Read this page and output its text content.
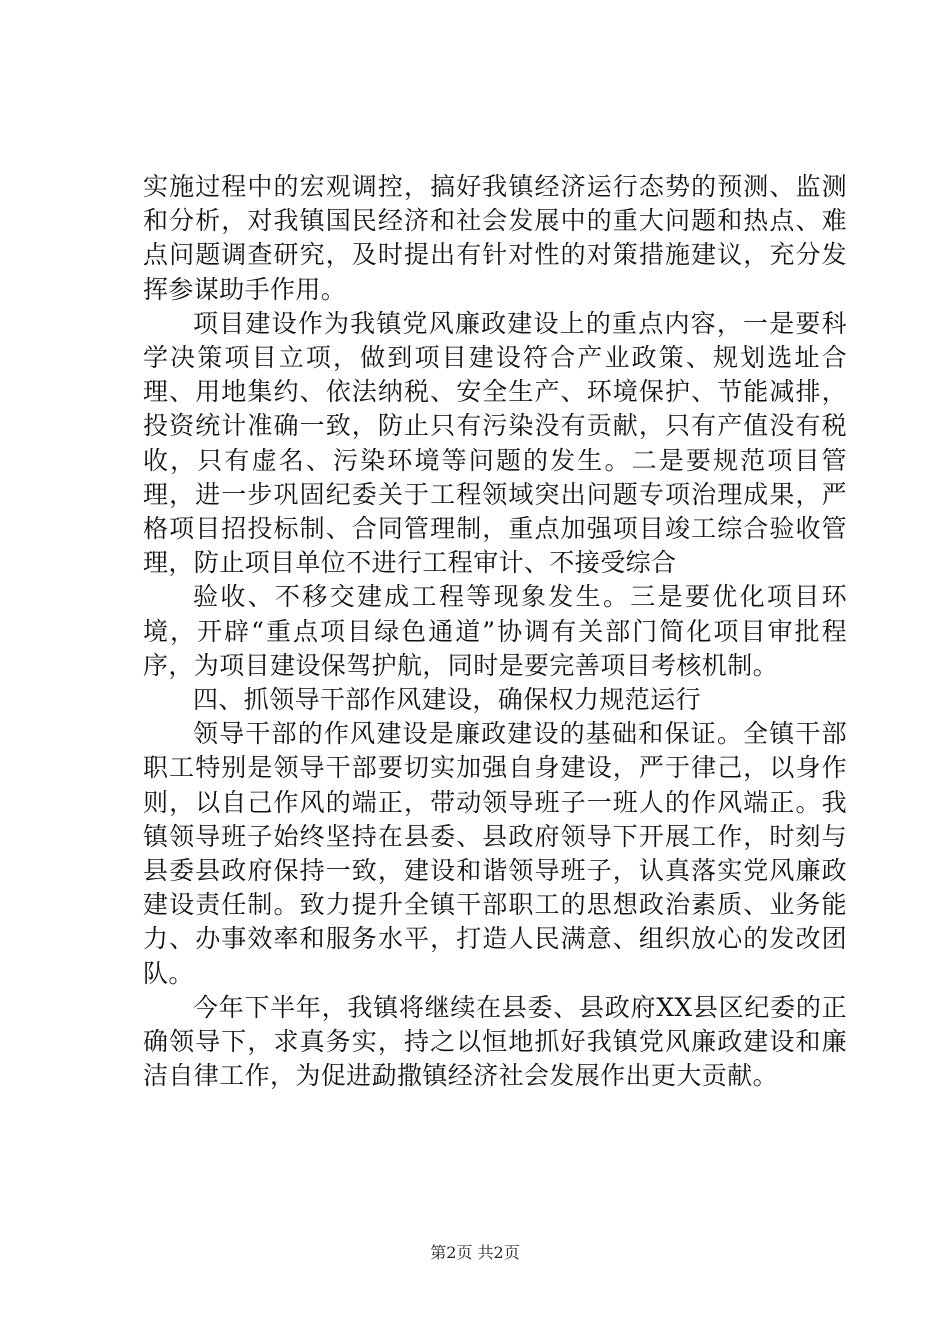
实施过程中的宏观调控，搞好我镇经济运行态势的预测、监测和分析，对我镇国民经济和社会发展中的重大问题和热点、难点问题调查研究，及时提出有针对性的对策措施建议，充分发挥参谋助手作用。

项目建设作为我镇党风廉政建设上的重点内容，一是要科学决策项目立项，做到项目建设符合产业政策、规划选址合理、用地集约、依法纳税、安全生产、环境保护、节能减排，投资统计准确一致，防止只有污染没有贡献，只有产值没有税收，只有虚名、污染环境等问题的发生。二是要规范项目管理，进一步巩固纪委关于工程领域突出问题专项治理成果，严格项目招投标制、合同管理制，重点加强项目竣工综合验收管理，防止项目单位不进行工程审计、不接受综合

验收、不移交建成工程等现象发生。三是要优化项目环境，开辟“重点项目绿色通道”协调有关部门简化项目审批程序，为项目建设保驾护航，同时是要完善项目考核机制。

四、抓领导干部作风建设，确保权力规范运行

领导干部的作风建设是廉政建设的基础和保证。全镇干部职工特别是领导干部要切实加强自身建设，严于律己，以身作则，以自己作风的端正，带动领导班子一班人的作风端正。我镇领导班子始终坚持在县委、县政府领导下开展工作，时刻与县委县政府保持一致，建设和谐领导班子，认真落实党风廉政建设责任制。致力提升全镇干部职工的思想政治素质、业务能力、办事效率和服务水平，打造人民满意、组织放心的发改团队。

今年下半年，我镇将继续在县委、县政府XX县区纪委的正确领导下，求真务实，持之以恒地抓好我镇党风廉政建设和廉洁自律工作，为促进勐撒镇经济社会发展作出更大贡献。

第2页 共2页
